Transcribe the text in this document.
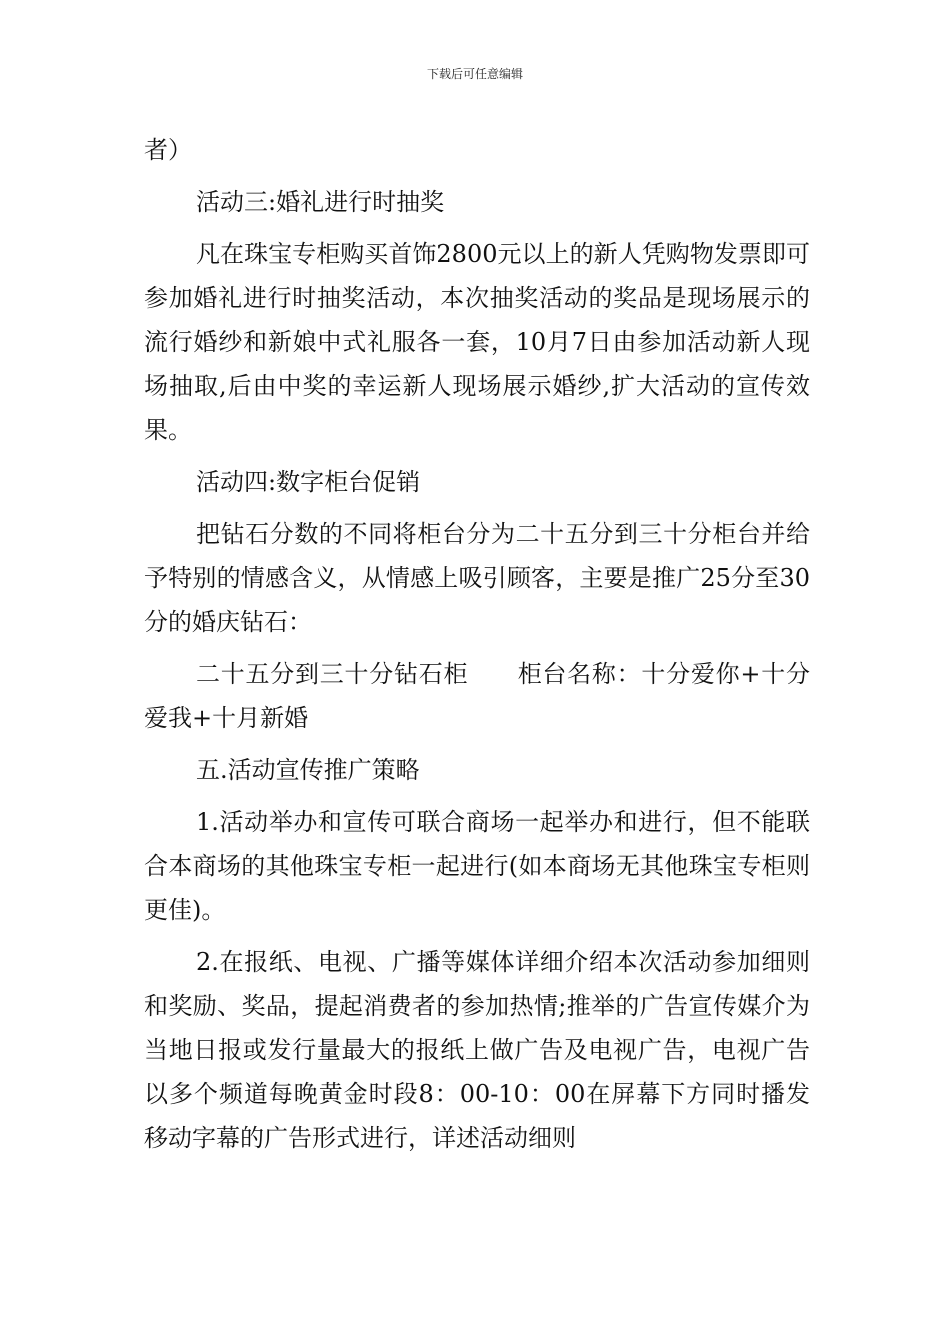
下载后可任意编辑

者）

活动三:婚礼进行时抽奖

凡在珠宝专柜购买首饰2800元以上的新人凭购物发票即可参加婚礼进行时抽奖活动，本次抽奖活动的奖品是现场展示的流行婚纱和新娘中式礼服各一套，10月7日由参加活动新人现场抽取,后由中奖的幸运新人现场展示婚纱,扩大活动的宣传效果。

活动四:数字柜台促销

把钻石分数的不同将柜台分为二十五分到三十分柜台并给予特别的情感含义，从情感上吸引顾客，主要是推广25分至30分的婚庆钻石：

二十五分到三十分钻石柜　　柜台名称：十分爱你+十分爱我+十月新婚

五.活动宣传推广策略

1.活动举办和宣传可联合商场一起举办和进行，但不能联合本商场的其他珠宝专柜一起进行(如本商场无其他珠宝专柜则更佳)。

2.在报纸、电视、广播等媒体详细介绍本次活动参加细则和奖励、奖品，提起消费者的参加热情;推举的广告宣传媒介为当地日报或发行量最大的报纸上做广告及电视广告，电视广告以多个频道每晚黄金时段8：00-10：00在屏幕下方同时播发移动字幕的广告形式进行，详述活动细则
